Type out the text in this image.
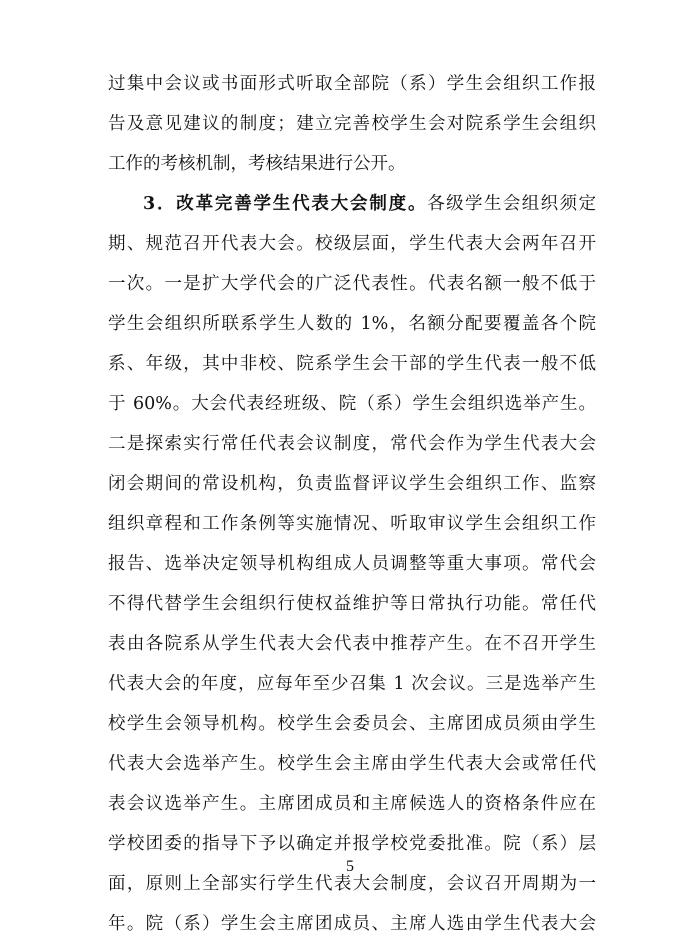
过集中会议或书面形式听取全部院（系）学生会组织工作报
告及意见建议的制度；建立完善校学生会对院系学生会组织
工作的考核机制，考核结果进行公开。
3．改革完善学生代表大会制度。各级学生会组织须定
期、规范召开代表大会。校级层面，学生代表大会两年召开
一次。一是扩大学代会的广泛代表性。代表名额一般不低于
学生会组织所联系学生人数的 1%，名额分配要覆盖各个院
系、年级，其中非校、院系学生会干部的学生代表一般不低
于 60%。大会代表经班级、院（系）学生会组织选举产生。
二是探索实行常任代表会议制度，常代会作为学生代表大会
闭会期间的常设机构，负责监督评议学生会组织工作、监察
组织章程和工作条例等实施情况、听取审议学生会组织工作
报告、选举决定领导机构组成人员调整等重大事项。常代会
不得代替学生会组织行使权益维护等日常执行功能。常任代
表由各院系从学生代表大会代表中推荐产生。在不召开学生
代表大会的年度，应每年至少召集 1 次会议。三是选举产生
校学生会领导机构。校学生会委员会、主席团成员须由学生
代表大会选举产生。校学生会主席由学生代表大会或常任代
表会议选举产生。主席团成员和主席候选人的资格条件应在
学校团委的指导下予以确定并报学校党委批准。院（系）层
面，原则上全部实行学生代表大会制度，会议召开周期为一
年。院（系）学生会主席团成员、主席人选由学生代表大会
5
